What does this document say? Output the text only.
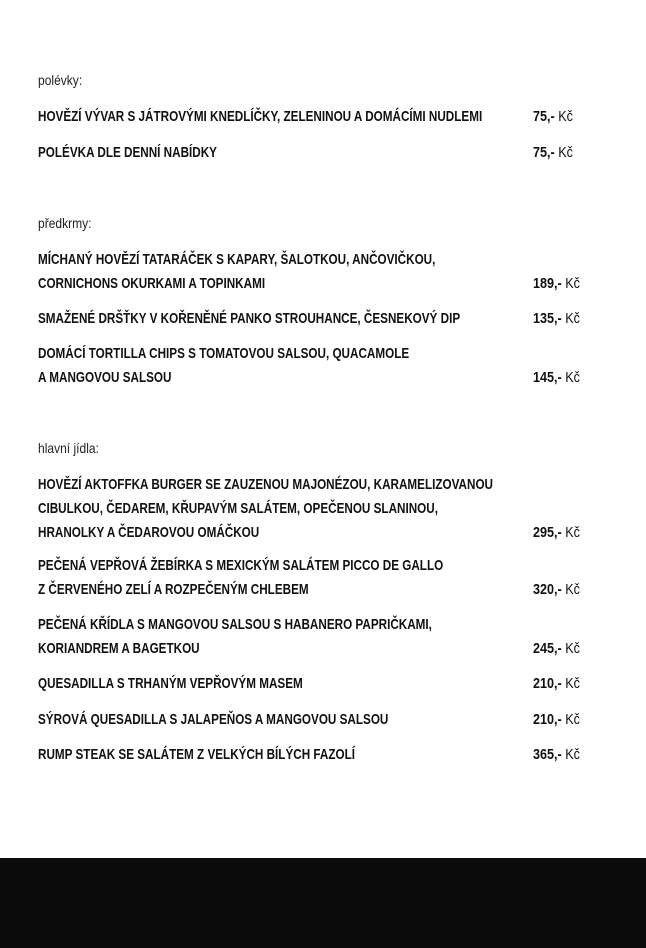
polévky:
HOVĚZÍ VÝVAR S JÁTROVÝMI KNEDLÍČKY, ZELENINOU A DOMÁCÍMI NUDLEMI	75,- Kč
POLÉVKA DLE DENNÍ NABÍDKY	75,- Kč
předkrmy:
MÍCHANÝ HOVĚZÍ TATARÁČEK S KAPARY, ŠALOTKOU, ANČOVIČKOU,
CORNICHONS OKURKAMI A TOPINKAMI	189,- Kč
SMAŽENÉ DRŠŤKY V KOŘENĚNÉ PANKO STROUHANCE, ČESNEKOVÝ DIP	135,- Kč
DOMÁCÍ TORTILLA CHIPS S TOMATOVOU SALSOU, QUACAMOLE
A MANGOVOU SALSOU	145,- Kč
hlavní jídla:
HOVĚZÍ AKTOFFKA BURGER SE ZAUZENOU MAJONÉZOU, KARAMELIZOVANOU
CIBULKOU, ČEDAREM, KŘUPAVÝM SALÁTEM, OPEČENOU SLANINOU,
HRANOLKY A ČEDAROVOU OMÁČKOU	295,- Kč
PEČENÁ VEPŘOVÁ ŽEBÍRKA S MEXICKÝM SALÁTEM PICCO DE GALLO
Z ČERVENÉHO ZELÍ A ROZPEČENÝM CHLEBEM	320,- Kč
PEČENÁ KŘÍDLA S MANGOVOU SALSOU S HABANERO PAPRIČKAMI,
KORIANDREM A BAGETKOU	245,- Kč
QUESADILLA S TRHANÝM VEPŘOVÝM MASEM	210,- Kč
SÝROVÁ QUESADILLA S JALAPEŇOS A MANGOVOU SALSOU	210,- Kč
RUMP STEAK SE SALÁTEM Z VELKÝCH BÍLÝCH FAZOLÍ	365,- Kč
